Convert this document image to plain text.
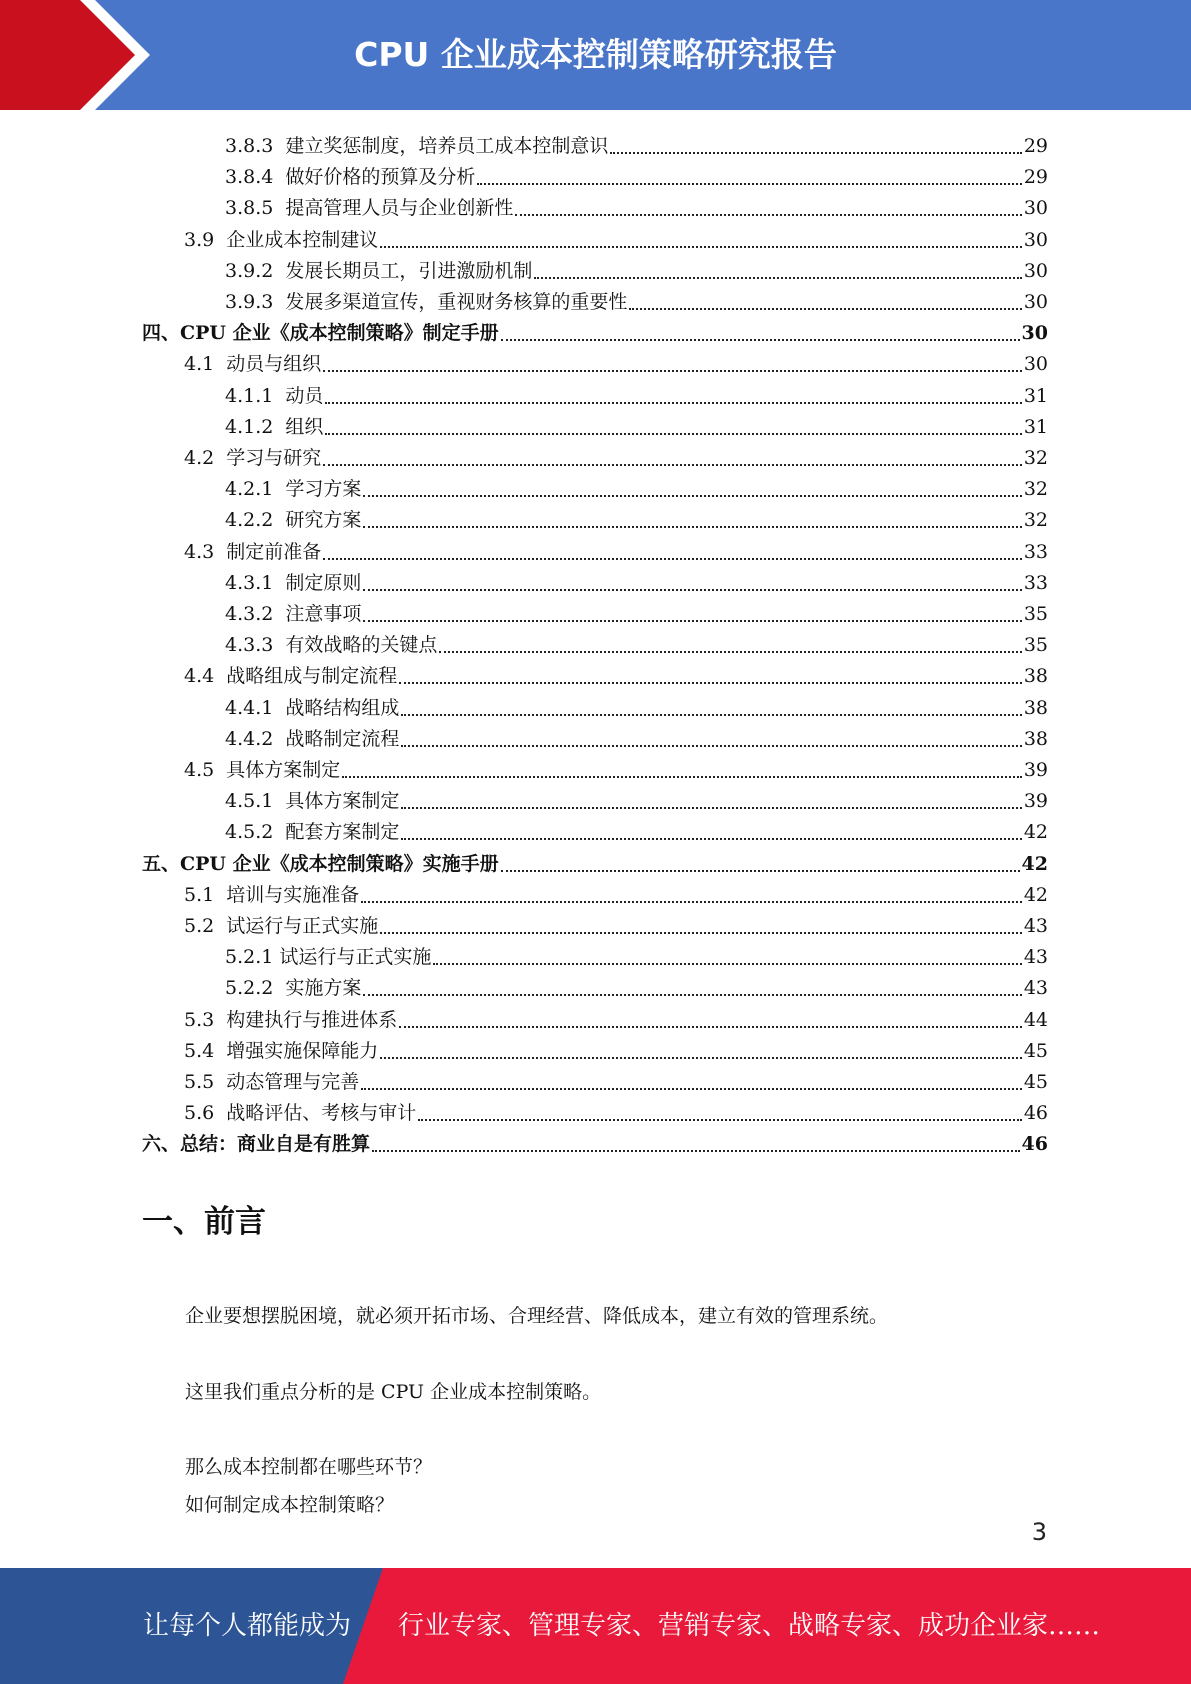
CPU 企业成本控制策略研究报告
3.8.3  建立奖惩制度，培养员工成本控制意识	29
3.8.4  做好价格的预算及分析	29
3.8.5  提高管理人员与企业创新性	30
3.9  企业成本控制建议	30
3.9.2  发展长期员工，引进激励机制	30
3.9.3  发展多渠道宣传，重视财务核算的重要性	30
四、CPU 企业《成本控制策略》制定手册	30
4.1  动员与组织	30
4.1.1  动员	31
4.1.2  组织	31
4.2  学习与研究	32
4.2.1  学习方案	32
4.2.2  研究方案	32
4.3  制定前准备	33
4.3.1  制定原则	33
4.3.2  注意事项	35
4.3.3  有效战略的关键点	35
4.4  战略组成与制定流程	38
4.4.1  战略结构组成	38
4.4.2  战略制定流程	38
4.5  具体方案制定	39
4.5.1  具体方案制定	39
4.5.2  配套方案制定	42
五、CPU 企业《成本控制策略》实施手册	42
5.1  培训与实施准备	42
5.2  试运行与正式实施	43
5.2.1 试运行与正式实施	43
5.2.2  实施方案	43
5.3  构建执行与推进体系	44
5.4  增强实施保障能力	45
5.5  动态管理与完善	45
5.6  战略评估、考核与审计	46
六、总结：商业自是有胜算	46
一、前言
企业要想摆脱困境，就必须开拓市场、合理经营、降低成本，建立有效的管理系统。
这里我们重点分析的是 CPU 企业成本控制策略。
那么成本控制都在哪些环节？
如何制定成本控制策略？
3
让每个人都能成为 行业专家、管理专家、营销专家、战略专家、成功企业家……
